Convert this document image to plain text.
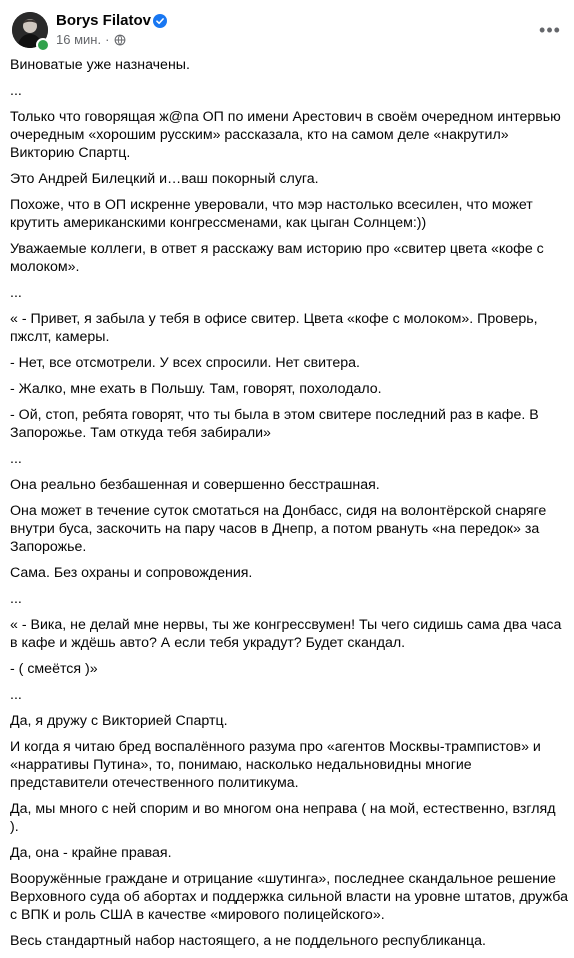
Borys Filatov
16 мин. ·	•••

Виноватые уже назначены.

...

Только что говорящая ж@па ОП по имени Арестович в своём очередном интервью очередным «хорошим русским» рассказала, кто на самом деле «накрутил» Викторию Спартц.

Это Андрей Билецкий и…ваш покорный слуга.

Похоже, что в ОП искренне уверовали, что мэр настолько всесилен, что может крутить американскими конгрессменами, как цыган Солнцем:))

Уважаемые коллеги, в ответ я расскажу вам историю про «свитер цвета «кофе с молоком».

...

« - Привет, я забыла у тебя в офисе свитер. Цвета «кофе с молоком». Проверь, пжслт, камеры.

- Нет, все отсмотрели. У всех спросили. Нет свитера.

- Жалко, мне ехать в Польшу. Там, говорят, похолодало.

- Ой, стоп, ребята говорят, что ты была в этом свитере последний раз в кафе. В Запорожье. Там откуда тебя забирали»

...

Она реально безбашенная и совершенно бесстрашная.

Она может в течение суток смотаться на Донбасс, сидя на волонтёрской снаряге внутри буса, заскочить на пару часов в Днепр, а потом рвануть «на передок» за Запорожье.

Сама. Без охраны и сопровождения.

...

« - Вика, не делай мне нервы, ты же конгрессвумен! Ты чего сидишь сама два часа в кафе и ждёшь авто? А если тебя украдут? Будет скандал.

- ( смеётся )»

...

Да, я дружу с Викторией Спартц.

И когда я читаю бред воспалённого разума про «агентов Москвы-трампистов» и «нарративы Путина», то, понимаю, насколько недальновидны многие представители отечественного политикума.

Да, мы много с ней спорим и во многом она неправа ( на мой, естественно, взгляд ).

Да, она - крайне правая.

Вооружённые граждане и отрицание «шутинга», последнее скандальное решение Верховного суда об абортах и поддержка сильной власти на уровне штатов, дружба с ВПК и роль США в качестве «мирового полицейского».

Весь стандартный набор настоящего, а не поддельного республиканца.
